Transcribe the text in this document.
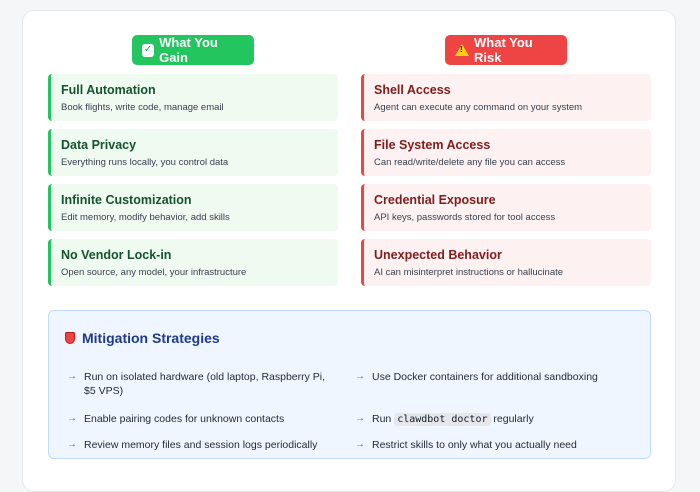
✓ What You Gain
! What You Risk
Full Automation
Book flights, write code, manage email
Data Privacy
Everything runs locally, you control data
Infinite Customization
Edit memory, modify behavior, add skills
No Vendor Lock-in
Open source, any model, your infrastructure
Shell Access
Agent can execute any command on your system
File System Access
Can read/write/delete any file you can access
Credential Exposure
API keys, passwords stored for tool access
Unexpected Behavior
AI can misinterpret instructions or hallucinate
Mitigation Strategies
→ Run on isolated hardware (old laptop, Raspberry Pi, $5 VPS)
→ Enable pairing codes for unknown contacts
→ Review memory files and session logs periodically
→ Use Docker containers for additional sandboxing
→ Run clawdbot doctor regularly
→ Restrict skills to only what you actually need
